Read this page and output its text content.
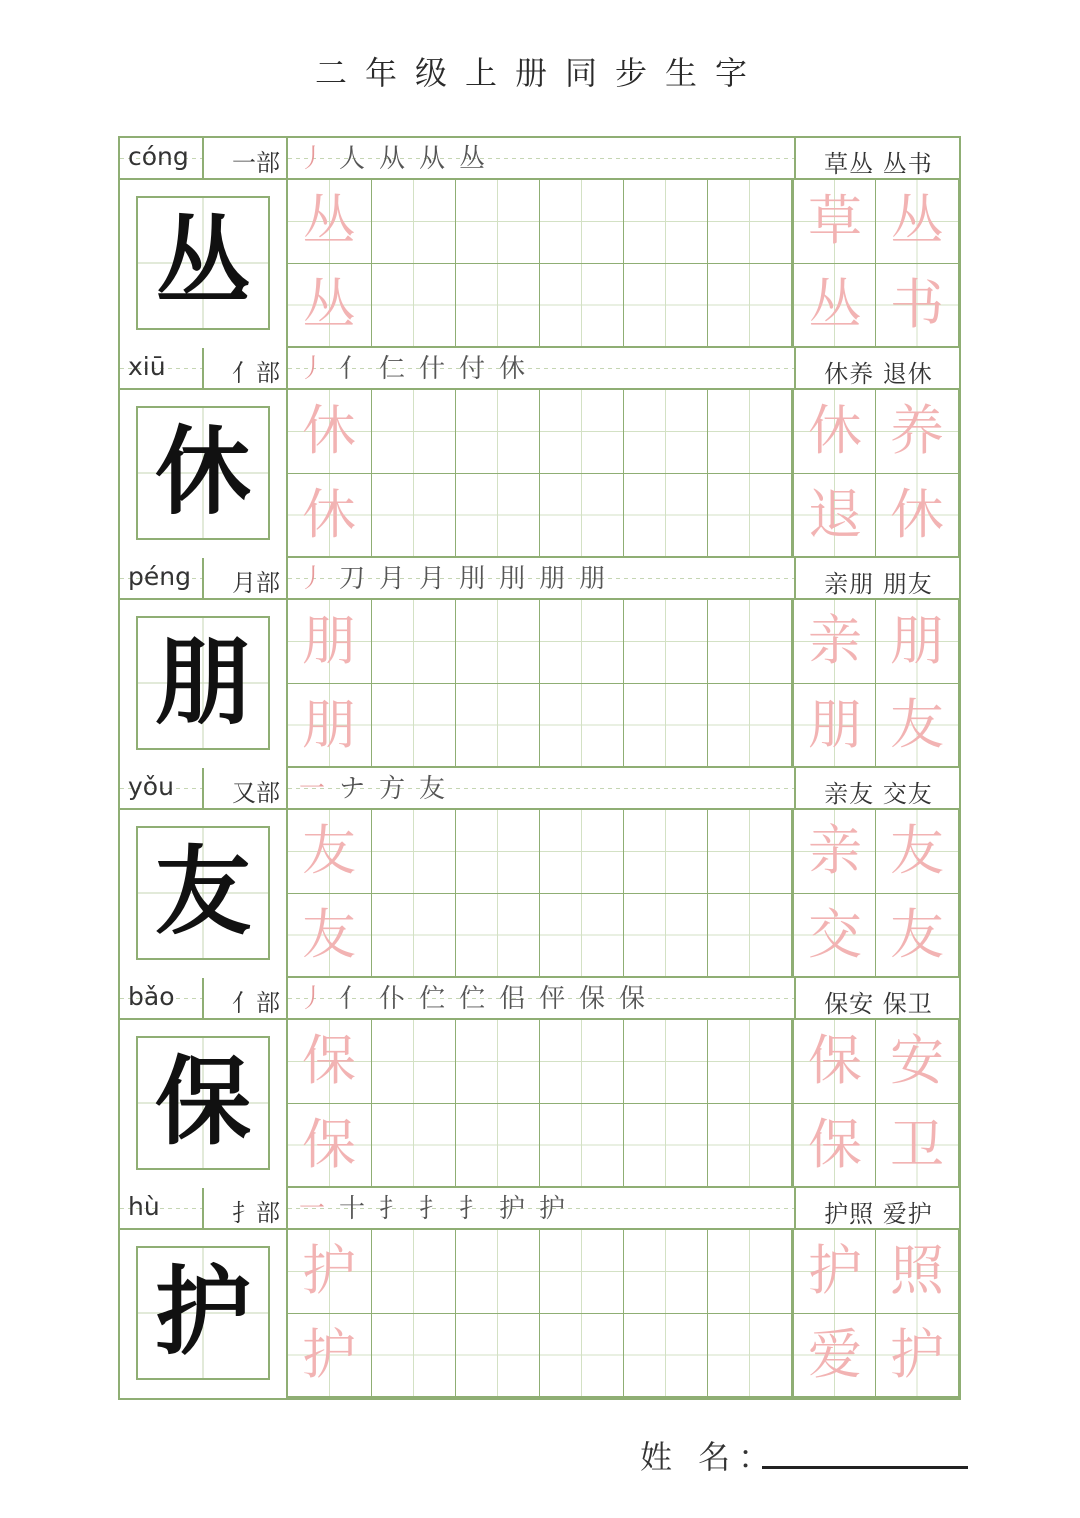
二年级上册同步生字
cóng 一部 丿 人 从 从 丛	草丛 丛书
丛 丛	草 丛
丛	丛 书
xiū	亻部 丿 亻 仁 什 付 休	休养 退休
休 休	休 养
休	退 休
péng 月部 丿 刀 月 月 刖 刖 朋 朋	亲朋 朋友
朋 朋	亲 朋
朋	朋 友
yǒu 又部 一 ナ 方 友	亲友 交友
友 友	亲 友
友	交 友
bǎo 亻部 丿 亻 仆 伫 伫 佀 伻 保 保	保安 保卫
保 保	保 安
保	保 卫
hù	扌部 一 十 扌 扌 扌 护 护	护照 爱护
护 护	护 照
护	爱 护
姓 名：
